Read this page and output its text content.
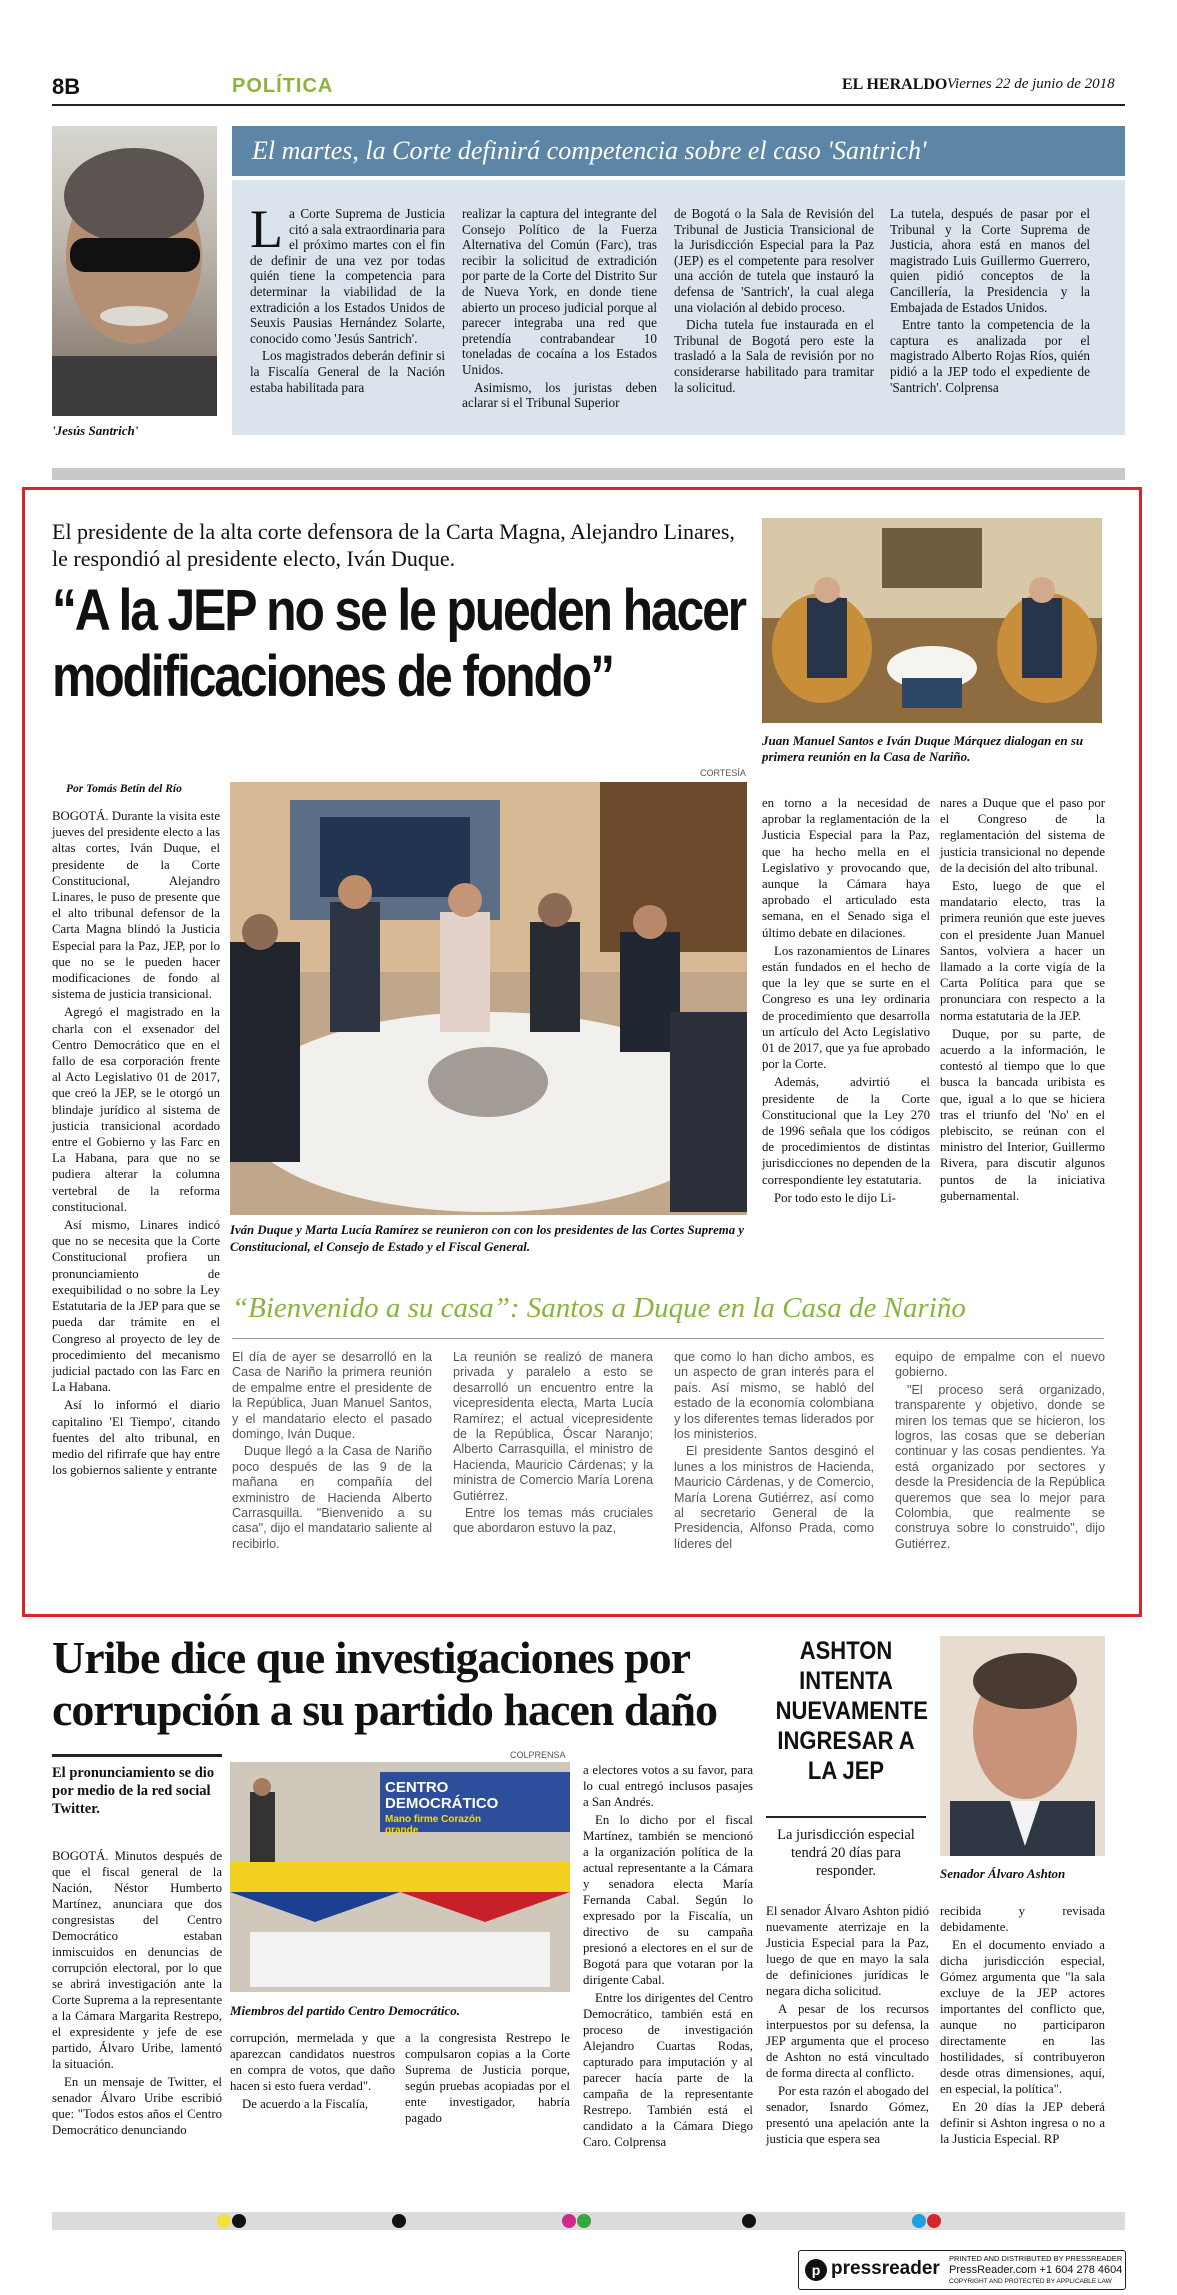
8B	POLÍTICA	EL HERALDO Viernes 22 de junio de 2018
'Jesús Santrich'
El martes, la Corte definirá competencia sobre el caso 'Santrich'

La Corte Suprema de Justicia citó a sala extraordinaria para el próximo martes con el fin de definir de una vez por todas quién tiene la competencia para determinar la viabilidad de la extradición a los Estados Unidos de Seuxis Pausias Hernández Solarte, conocido como 'Jesús Santrich'.

Los magistrados deberán definir si la Fiscalía General de la Nación estaba habilitada para

realizar la captura del integrante del Consejo Político de la Fuerza Alternativa del Común (Farc), tras recibir la solicitud de extradición por parte de la Corte del Distrito Sur de Nueva York, en donde tiene abierto un proceso judicial porque al parecer integraba una red que pretendía contrabandear 10 toneladas de cocaína a los Estados Unidos.

Asimismo, los juristas deben aclarar si el Tribunal Superior

de Bogotá o la Sala de Revisión del Tribunal de Justicia Transicional de la Jurisdicción Especial para la Paz (JEP) es el competente para resolver una acción de tutela que instauró la defensa de 'Santrich', la cual alega una violación al debido proceso.

Dicha tutela fue instaurada en el Tribunal de Bogotá pero este la trasladó a la Sala de revisión por no considerarse habilitado para tramitar la solicitud.

La tutela, después de pasar por el Tribunal y la Corte Suprema de Justicia, ahora está en manos del magistrado Luis Guillermo Guerrero, quien pidió conceptos de la Cancillería, la Presidencia y la Embajada de Estados Unidos.

Entre tanto la competencia de la captura es analizada por el magistrado Alberto Rojas Ríos, quién pidió a la JEP todo el expediente de 'Santrich'. Colprensa

El presidente de la alta corte defensora de la Carta Magna, Alejandro Linares, le respondió al presidente electo, Iván Duque.
“A la JEP no se le pueden hacer modificaciones de fondo”
Juan Manuel Santos e Iván Duque Márquez dialogan en su primera reunión en la Casa de Nariño.
Por Tomás Betín del Río
CORTESÍA
Iván Duque y Marta Lucía Ramírez se reunieron con con los presidentes de las Cortes Suprema y Constitucional, el Consejo de Estado y el Fiscal General.

BOGOTÁ. Durante la visita este jueves del presidente electo a las altas cortes, Iván Duque, el presidente de la Corte Constitucional, Alejandro Linares, le puso de presente que el alto tribunal defensor de la Carta Magna blindó la Justicia Especial para la Paz, JEP, por lo que no se le pueden hacer modificaciones de fondo al sistema de justicia transicional.

Agregó el magistrado en la charla con el exsenador del Centro Democrático que en el fallo de esa corporación frente al Acto Legislativo 01 de 2017, que creó la JEP, se le otorgó un blindaje jurídico al sistema de justicia transicional acordado entre el Gobierno y las Farc en La Habana, para que no se pudiera alterar la columna vertebral de la reforma constitucional.

Así mismo, Linares indicó que no se necesita que la Corte Constitucional profiera un pronunciamiento de exequibilidad o no sobre la Ley Estatutaria de la JEP para que se pueda dar trámite en el Congreso al proyecto de ley de procedimiento del mecanismo judicial pactado con las Farc en La Habana.

Así lo informó el diario capitalino 'El Tiempo', citando fuentes del alto tribunal, en medio del rifirrafe que hay entre los gobiernos saliente y entrante

en torno a la necesidad de aprobar la reglamentación de la Justicia Especial para la Paz, que ha hecho mella en el Legislativo y provocando que, aunque la Cámara haya aprobado el articulado esta semana, en el Senado siga el último debate en dilaciones.

Los razonamientos de Linares están fundados en el hecho de que la ley que se surte en el Congreso es una ley ordinaria de procedimiento que desarrolla un artículo del Acto Legislativo 01 de 2017, que ya fue aprobado por la Corte.

Además, advirtió el presidente de la Corte Constitucional que la Ley 270 de 1996 señala que los códigos de procedimientos de distintas jurisdicciones no dependen de la correspondiente ley estatutaria.

Por todo esto le dijo Li-

nares a Duque que el paso por el Congreso de la reglamentación del sistema de justicia transicional no depende de la decisión del alto tribunal.

Esto, luego de que el mandatario electo, tras la primera reunión que este jueves con el presidente Juan Manuel Santos, volviera a hacer un llamado a la corte vigía de la Carta Política para que se pronunciara con respecto a la norma estatutaria de la JEP.

Duque, por su parte, de acuerdo a la información, le contestó al tiempo que lo que busca la bancada uribista es que, igual a lo que se hiciera tras el triunfo del 'No' en el plebiscito, se reúnan con el ministro del Interior, Guillermo Rivera, para discutir algunos puntos de la iniciativa gubernamental.

“Bienvenido a su casa”: Santos a Duque en la Casa de Nariño

El día de ayer se desarrolló en la Casa de Nariño la primera reunión de empalme entre el presidente de la República, Juan Manuel Santos, y el mandatario electo el pasado domingo, Iván Duque.

Duque llegó a la Casa de Nariño poco después de las 9 de la mañana en compañía del exministro de Hacienda Alberto Carrasquilla. "Bienvenido a su casa", dijo el mandatario saliente al recibirlo.

La reunión se realizó de manera privada y paralelo a esto se desarrolló un encuentro entre la vicepresidenta electa, Marta Lucía Ramírez; el actual vicepresidente de la República, Óscar Naranjo; Alberto Carrasquilla, el ministro de Hacienda, Mauricio Cárdenas; y la ministra de Comercio María Lorena Gutiérrez.

Entre los temas más cruciales que abordaron estuvo la paz,

que como lo han dicho ambos, es un aspecto de gran interés para el país. Así mismo, se habló del estado de la economía colombiana y los diferentes temas liderados por los ministerios.

El presidente Santos desginó el lunes a los ministros de Hacienda, Mauricio Cárdenas, y de Comercio, María Lorena Gutiérrez, así como al secretario General de la Presidencia, Alfonso Prada, como líderes del

equipo de empalme con el nuevo gobierno.

"El proceso será organizado, transparente y objetivo, donde se miren los temas que se hicieron, los logros, las cosas que se deberían continuar y las cosas pendientes. Ya está organizado por sectores y desde la Presidencia de la República queremos que sea lo mejor para Colombia, que realmente se construya sobre lo construido", dijo Gutiérrez.

Uribe dice que investigaciones por corrupción a su partido hacen daño
El pronunciamiento se dio por medio de la red social Twitter.
COLPRENSA
CENTRO DEMOCRÁTICO
Mano firme Corazón grande
Miembros del partido Centro Democrático.

BOGOTÁ. Minutos después de que el fiscal general de la Nación, Néstor Humberto Martínez, anunciara que dos congresistas del Centro Democrático estaban inmiscuidos en denuncias de corrupción electoral, por lo que se abrirá investigación ante la Corte Suprema a la representante a la Cámara Margarita Restrepo, el expresidente y jefe de ese partido, Álvaro Uribe, lamentó la situación.

En un mensaje de Twitter, el senador Álvaro Uribe escribió que: "Todos estos años el Centro Democrático denunciando

corrupción, mermelada y que aparezcan candidatos nuestros en compra de votos, que daño hacen si esto fuera verdad".

De acuerdo a la Fiscalía,

a la congresista Restrepo le compulsaron copias a la Corte Suprema de Justicia porque, según pruebas acopiadas por el ente investigador, habría pagado

a electores votos a su favor, para lo cual entregó inclusos pasajes a San Andrés.

En lo dicho por el fiscal Martínez, también se mencionó a la organización política de la actual representante a la Cámara y senadora electa María Fernanda Cabal. Según lo expresado por la Fiscalía, un directivo de su campaña presionó a electores en el sur de Bogotá para que votaran por la dirigente Cabal.

Entre los dirigentes del Centro Democrático, también está en proceso de investigación Alejandro Cuartas Rodas, capturado para imputación y al parecer hacía parte de la campaña de la representante Restrepo. También está el candidato a la Cámara Diego Caro. Colprensa

ASHTON INTENTA NUEVAMENTE INGRESAR A LA JEP
La jurisdicción especial tendrá 20 días para responder.	Senador Álvaro Ashton

El senador Álvaro Ashton pidió nuevamente aterrizaje en la Justicia Especial para la Paz, luego de que en mayo la sala de definiciones jurídicas le negara dicha solicitud.

A pesar de los recursos interpuestos por su defensa, la JEP argumenta que el proceso de Ashton no está vincultado de forma directa al conflicto.

Por esta razón el abogado del senador, Isnardo Gómez, presentó una apelación ante la justicia que espera sea

recibida y revisada debidamente.

En el documento enviado a dicha jurisdicción especial, Gómez argumenta que "la sala excluye de la JEP actores importantes del conflicto que, aunque no participaron directamente en las hostilidades, sí contribuyeron desde otras dimensiones, aquí, en especial, la política".

En 20 días la JEP deberá definir si Ashton ingresa o no a la Justicia Especial. RP

p pressreader PRINTED AND DISTRIBUTED BY PRESSREADER
PressReader.com +1 604 278 4604
COPYRIGHT AND PROTECTED BY APPLICABLE LAW
